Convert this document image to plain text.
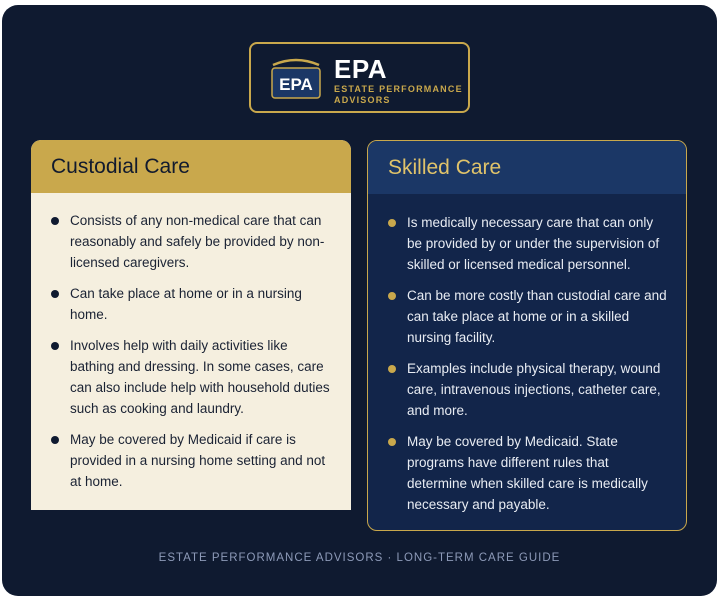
EPA
EPA
ESTATE PERFORMANCE
ADVISORS
Custodial Care
Consists of any non-medical care that can reasonably and safely be provided by non-licensed caregivers.
Can take place at home or in a nursing home.
Involves help with daily activities like bathing and dressing. In some cases, care can also include help with household duties such as cooking and laundry.
May be covered by Medicaid if care is provided in a nursing home setting and not at home.
Skilled Care
Is medically necessary care that can only be provided by or under the supervision of skilled or licensed medical personnel.
Can be more costly than custodial care and can take place at home or in a skilled nursing facility.
Examples include physical therapy, wound care, intravenous injections, catheter care, and more.
May be covered by Medicaid. State programs have different rules that determine when skilled care is medically necessary and payable.
ESTATE PERFORMANCE ADVISORS · LONG-TERM CARE GUIDE
